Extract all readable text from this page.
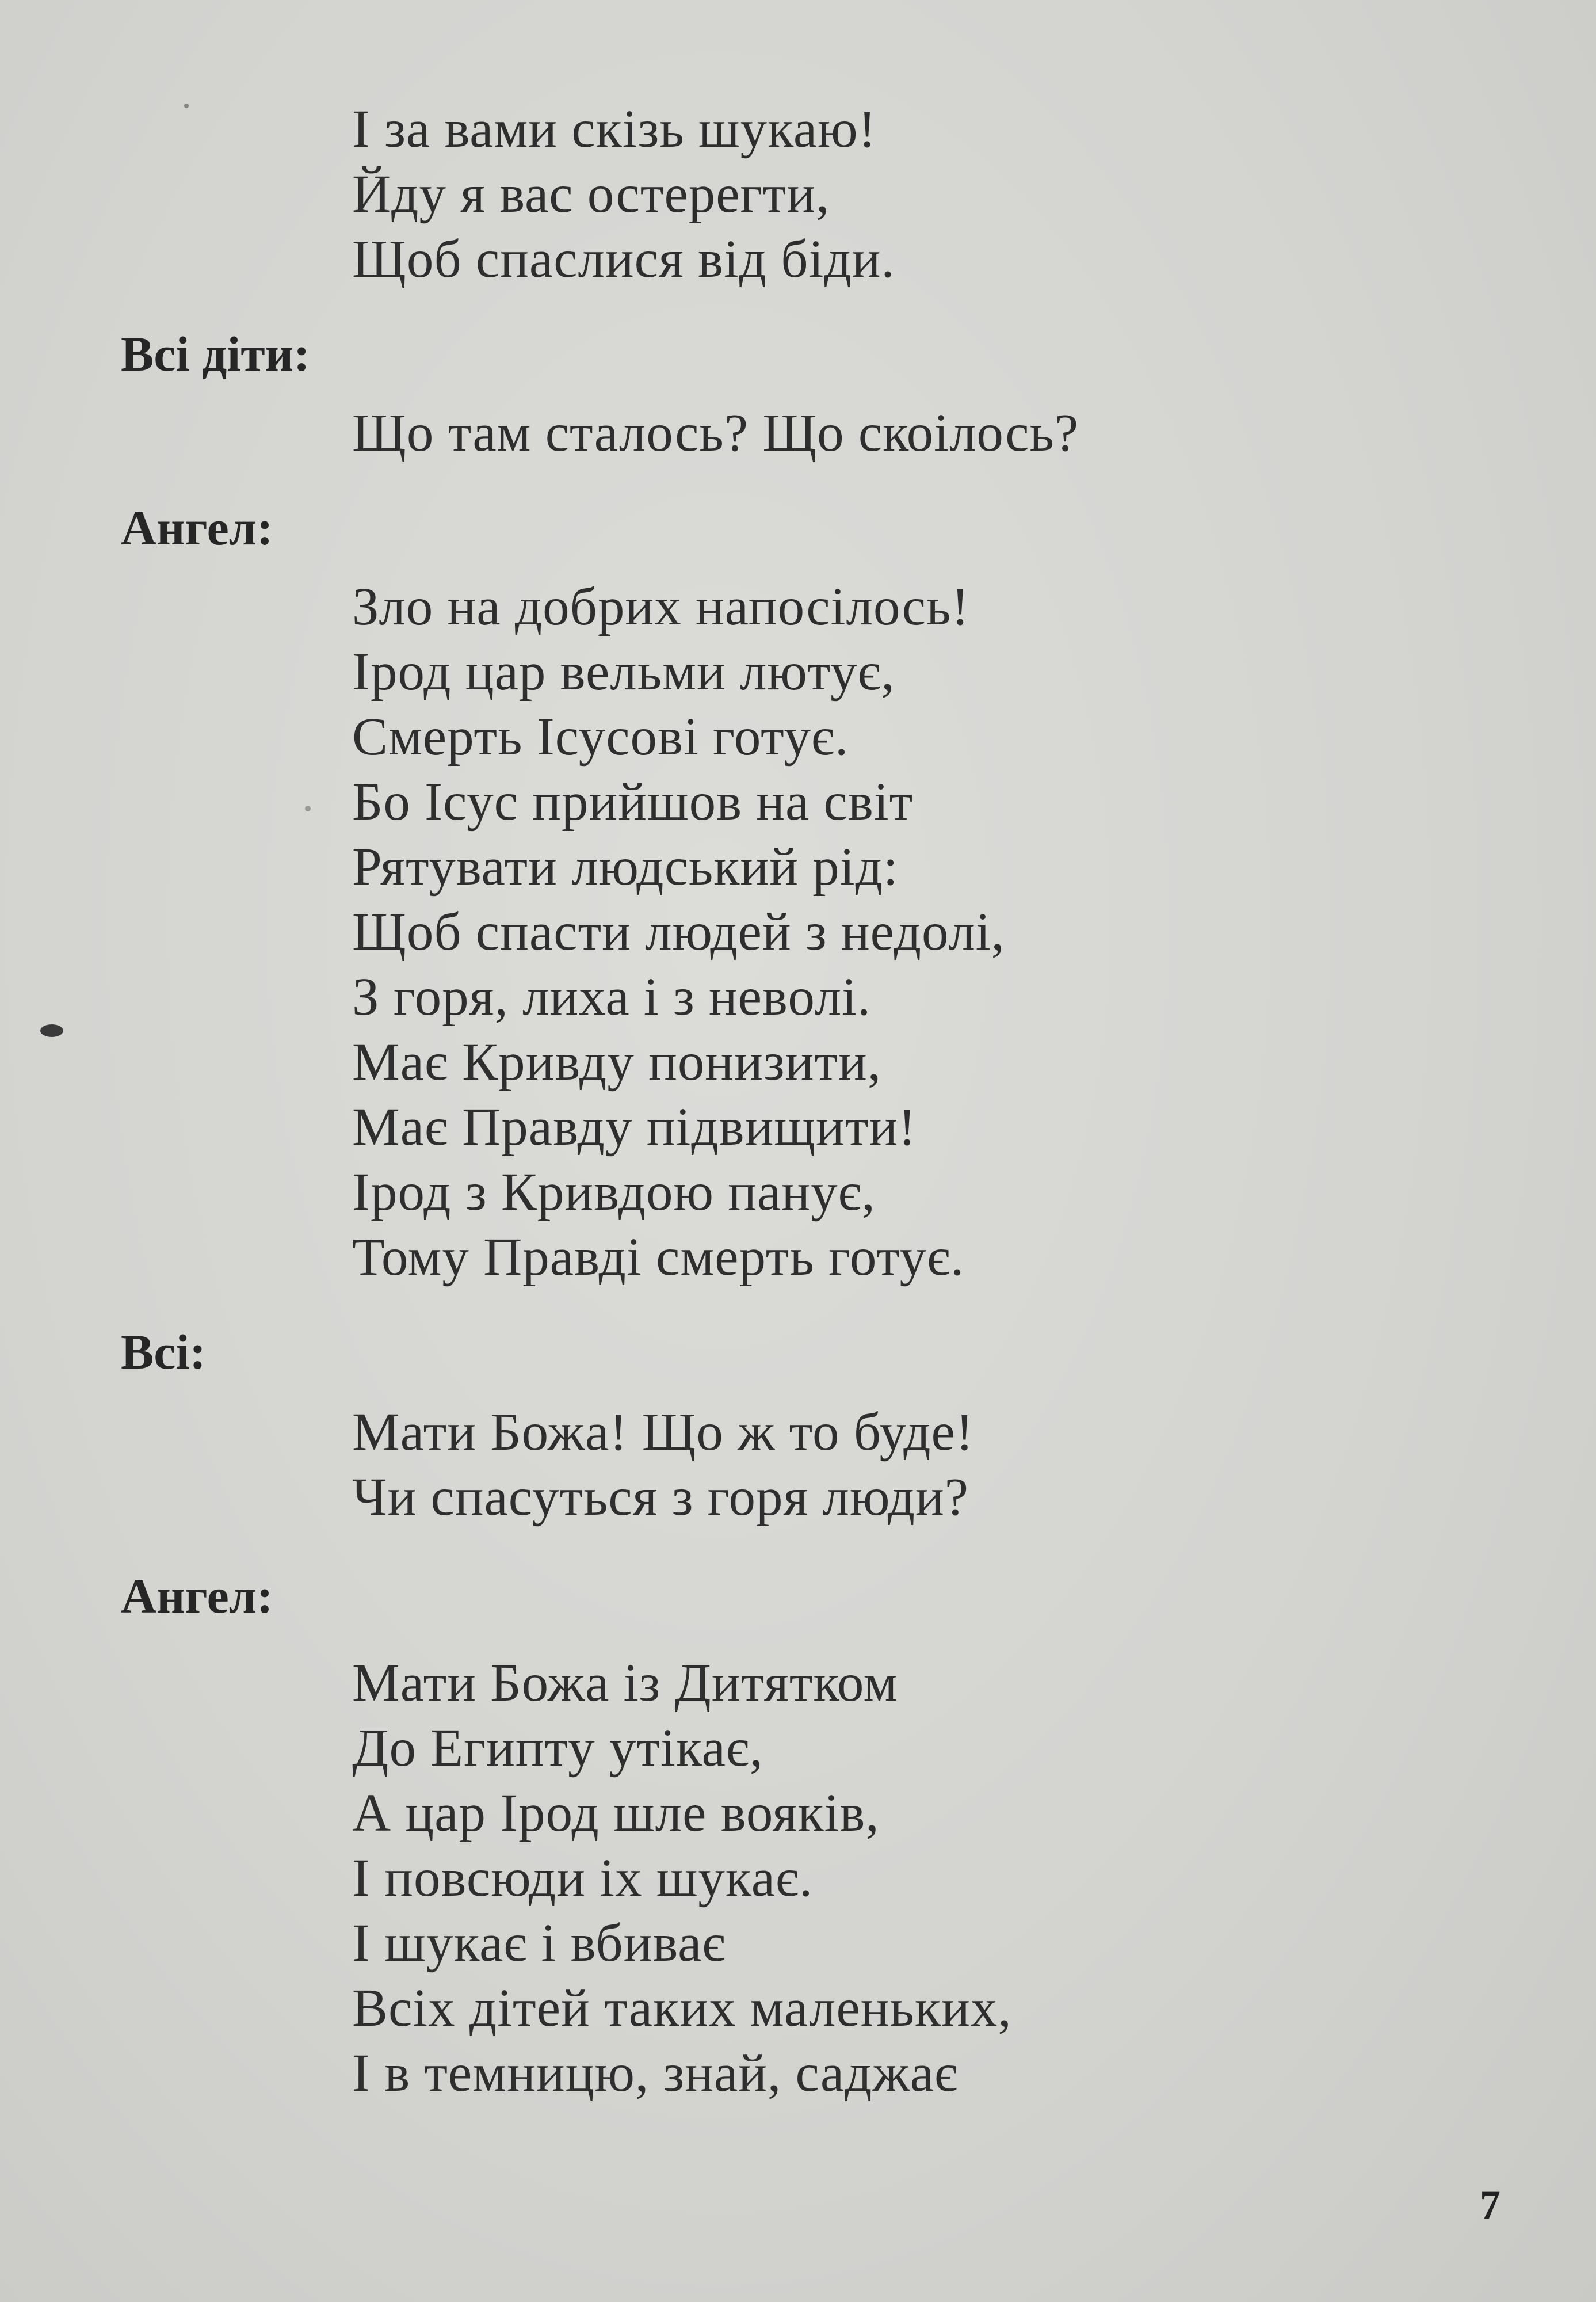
І за вами скізь шукаю!
Йду я вас остерегти,
Щоб спаслися від біди.
Всі діти:
Що там сталось? Що скоілось?
Ангел:
Зло на добрих напосілось!
Ірод цар вельми лютує,
Смерть Ісусові готує.
Бо Ісус прийшов на світ
Рятувати людський рід:
Щоб спасти людей з недолі,
З горя, лиха і з неволі.
Має Кривду понизити,
Має Правду підвищити!
Ірод з Кривдою панує,
Тому Правді смерть готує.
Всі:
Мати Божа! Що ж то буде!
Чи спасуться з горя люди?
Ангел:
Мати Божа із Дитятком
До Египту утікає,
А цар Ірод шле вояків,
І повсюди іх шукає.
І шукає і вбиває
Всіх дітей таких маленьких,
І в темницю, знай, саджає
7
